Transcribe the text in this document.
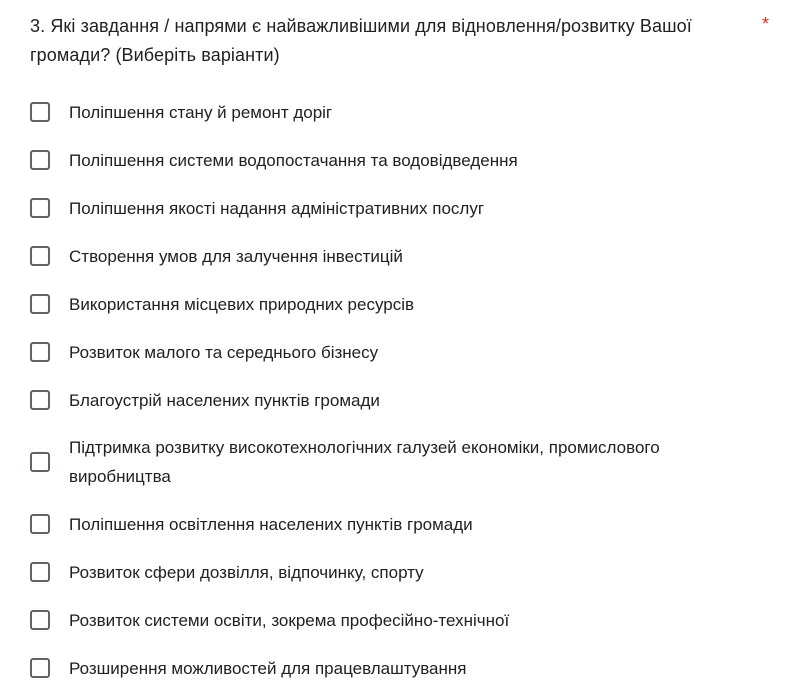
3. Які завдання / напрями є найважливішими для відновлення/розвитку Вашої громади? (Виберіть варіанти)
*
Поліпшення стану й ремонт доріг
Поліпшення системи водопостачання та водовідведення
Поліпшення якості надання адміністративних послуг
Створення умов для залучення інвестицій
Використання місцевих природних ресурсів
Розвиток малого та середнього бізнесу
Благоустрій населених пунктів громади
Підтримка розвитку високотехнологічних галузей економіки, промислового виробництва
Поліпшення освітлення населених пунктів громади
Розвиток сфери дозвілля, відпочинку, спорту
Розвиток системи освіти, зокрема професійно-технічної
Розширення можливостей для працевлаштування
